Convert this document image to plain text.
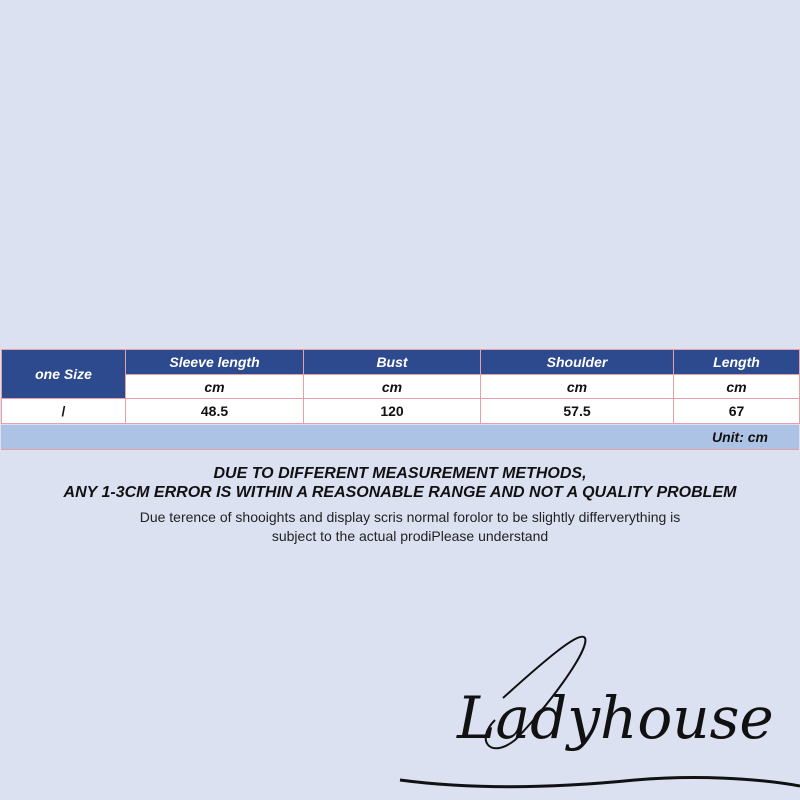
one Size	Sleeve length	Bust	Shoulder	Length
	cm	cm	cm	cm
/	48.5	120	57.5	67
Unit: cm
DUE TO DIFFERENT MEASUREMENT METHODS,
ANY 1-3CM ERROR IS WITHIN A REASONABLE RANGE AND NOT A QUALITY PROBLEM
Due terence of shooights and display scris normal forolor to be slightly differverything is
subject to the actual prodiPlease understand
Ladyhouse
